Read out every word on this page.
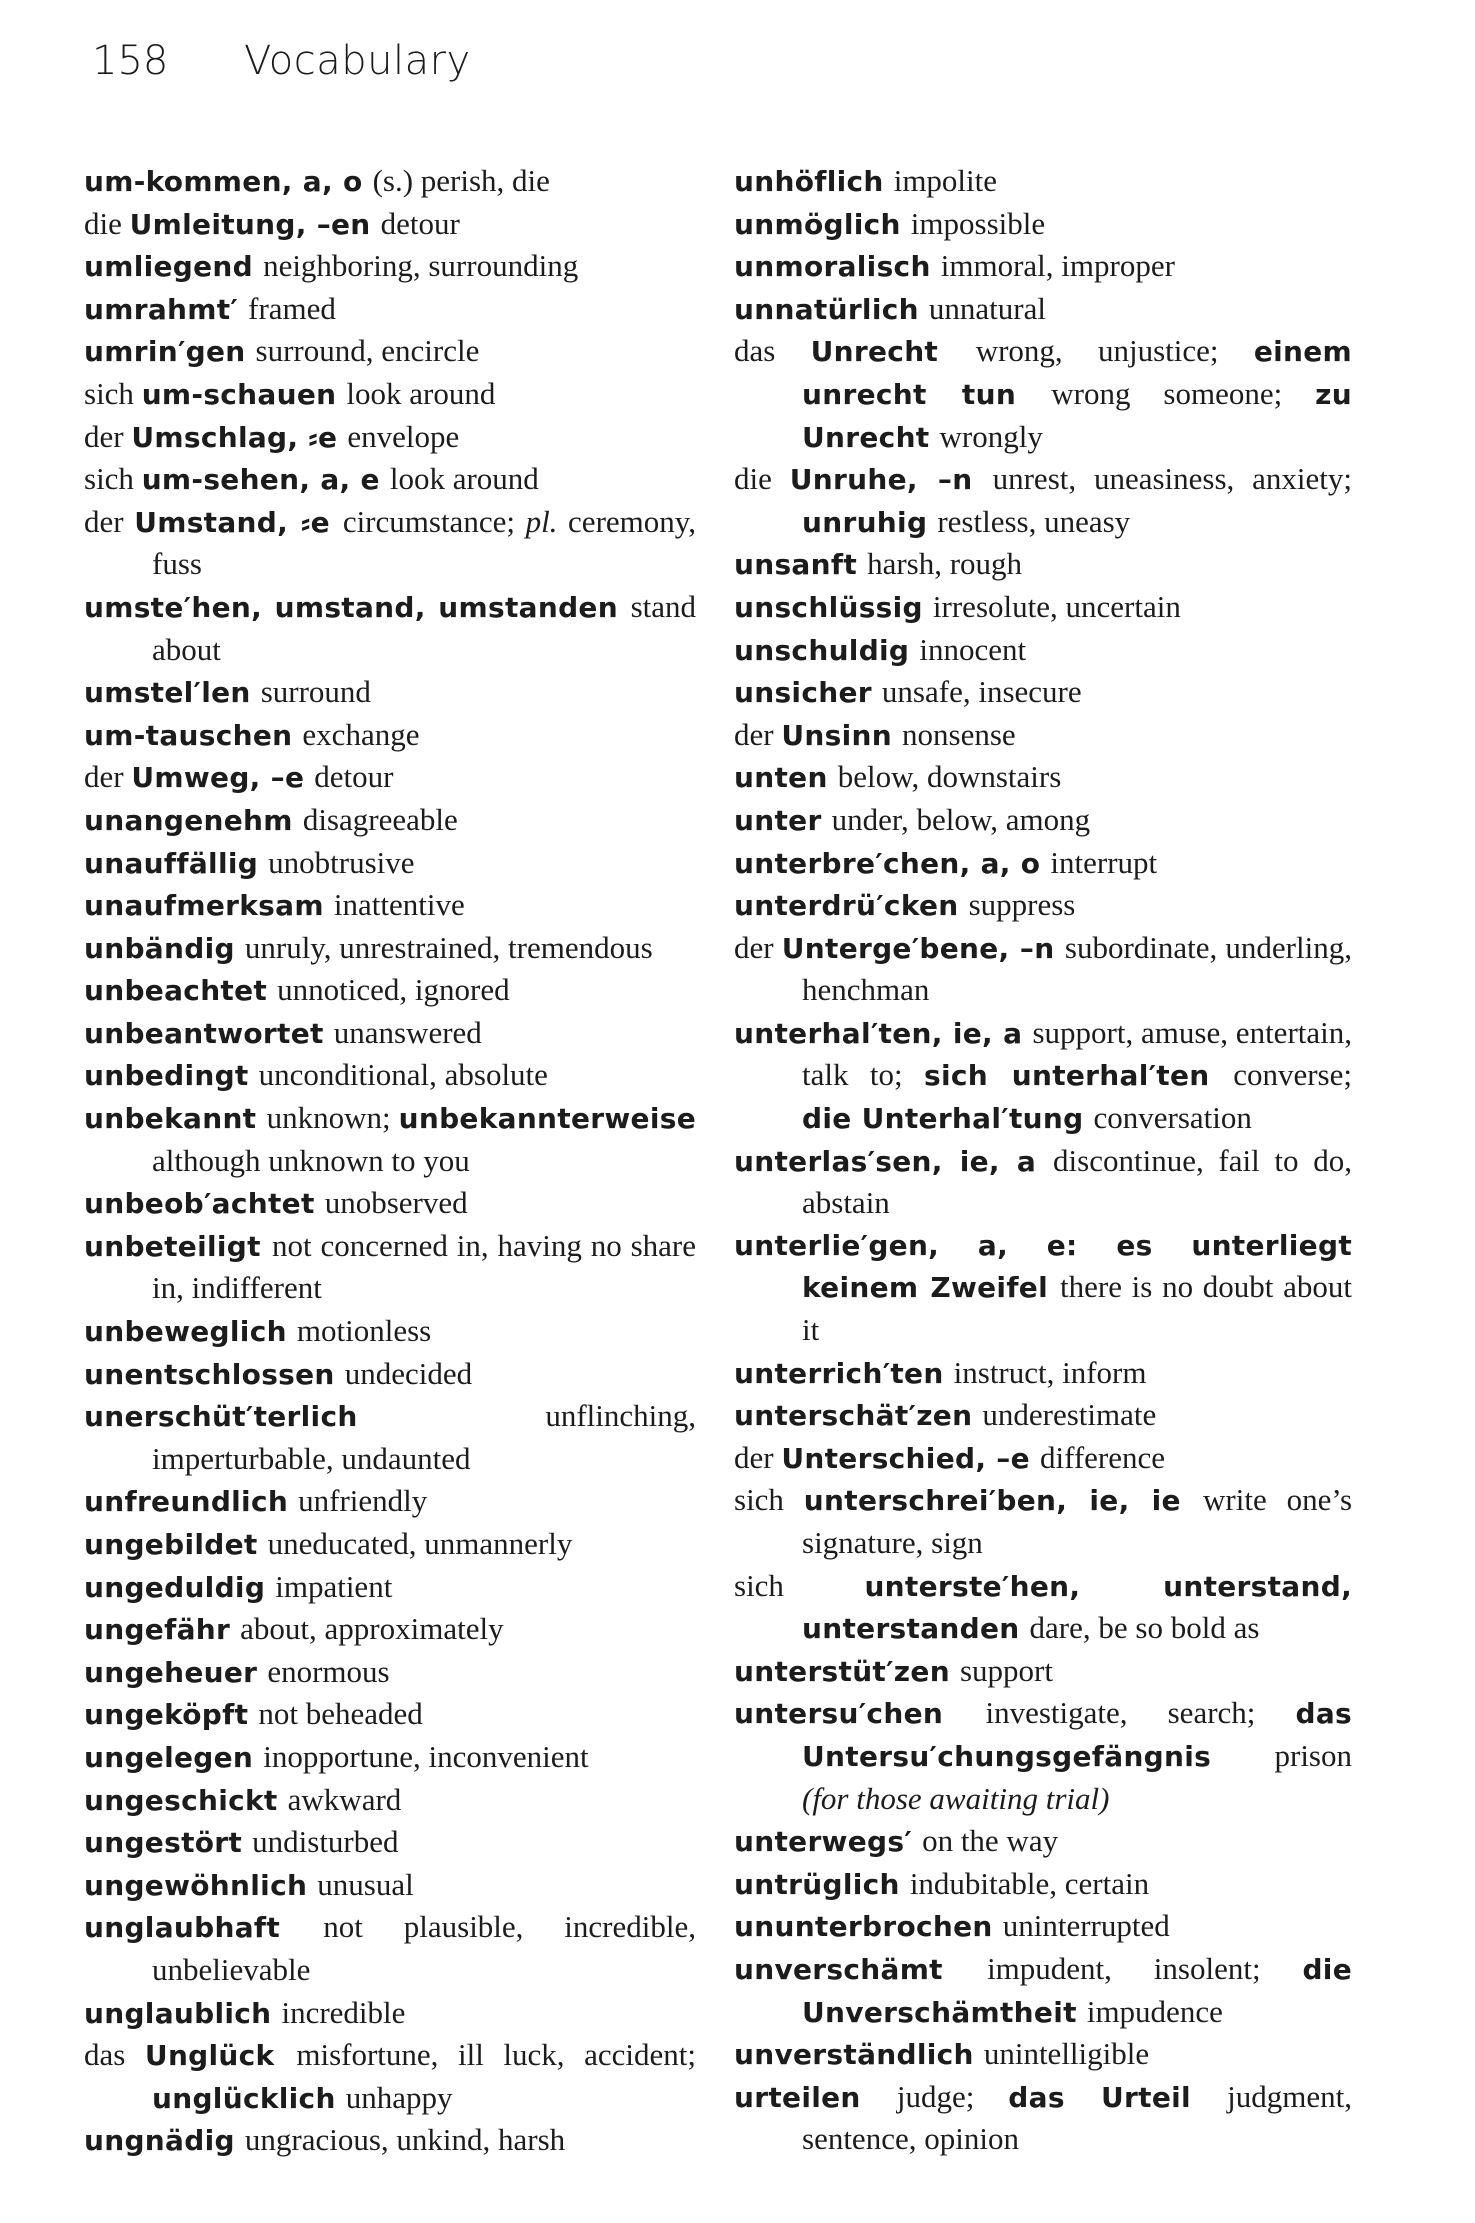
158 Vocabulary

um-kommen, a, o (s.) perish, die

die Umleitung, –en detour

umliegend neighboring, surrounding

umrahmt′ framed

umrin′gen surround, encircle

sich um-schauen look around

der Umschlag, ⸗e envelope

sich um-sehen, a, e look around

der Umstand, ⸗e circumstance; pl. ceremony, fuss

umste′hen, umstand, umstanden stand about

umstel′len surround

um-tauschen exchange

der Umweg, –e detour

unangenehm disagreeable

unauffällig unobtrusive

unaufmerksam inattentive

unbändig unruly, unrestrained, tremendous

unbeachtet unnoticed, ignored

unbeantwortet unanswered

unbedingt unconditional, absolute

unbekannt unknown; unbekannterweise although unknown to you

unbeob′achtet unobserved

unbeteiligt not concerned in, having no share in, indifferent

unbeweglich motionless

unentschlossen undecided

unerschüt′terlich unflinching, imperturbable, undaunted

unfreundlich unfriendly

ungebildet uneducated, unmannerly

ungeduldig impatient

ungefähr about, approximately

ungeheuer enormous

ungeköpft not beheaded

ungelegen inopportune, inconvenient

ungeschickt awkward

ungestört undisturbed

ungewöhnlich unusual

unglaubhaft not plausible, incredible, unbelievable

unglaublich incredible

das Unglück misfortune, ill luck, accident; unglücklich unhappy

ungnädig ungracious, unkind, harsh

unhöflich impolite

unmöglich impossible

unmoralisch immoral, improper

unnatürlich unnatural

das Unrecht wrong, unjustice; einem unrecht tun wrong someone; zu Unrecht wrongly

die Unruhe, –n unrest, uneasiness, anxiety; unruhig restless, uneasy

unsanft harsh, rough

unschlüssig irresolute, uncertain

unschuldig innocent

unsicher unsafe, insecure

der Unsinn nonsense

unten below, downstairs

unter under, below, among

unterbre′chen, a, o interrupt

unterdrü′cken suppress

der Unterge′bene, –n subordinate, underling, henchman

unterhal′ten, ie, a support, amuse, entertain, talk to; sich unterhal′ten converse; die Unterhal′tung conversation

unterlas′sen, ie, a discontinue, fail to do, abstain

unterlie′gen, a, e: es unterliegt keinem Zweifel there is no doubt about it

unterrich′ten instruct, inform

unterschät′zen underestimate

der Unterschied, –e difference

sich unterschrei′ben, ie, ie write one’s signature, sign

sich unterste′hen, unterstand, unterstanden dare, be so bold as

unterstüt′zen support

untersu′chen investigate, search; das Untersu′chungsgefängnis prison (for those awaiting trial)

unterwegs′ on the way

untrüglich indubitable, certain

ununterbrochen uninterrupted

unverschämt impudent, insolent; die Unverschämtheit impudence

unverständlich unintelligible

urteilen judge; das Urteil judgment, sentence, opinion
